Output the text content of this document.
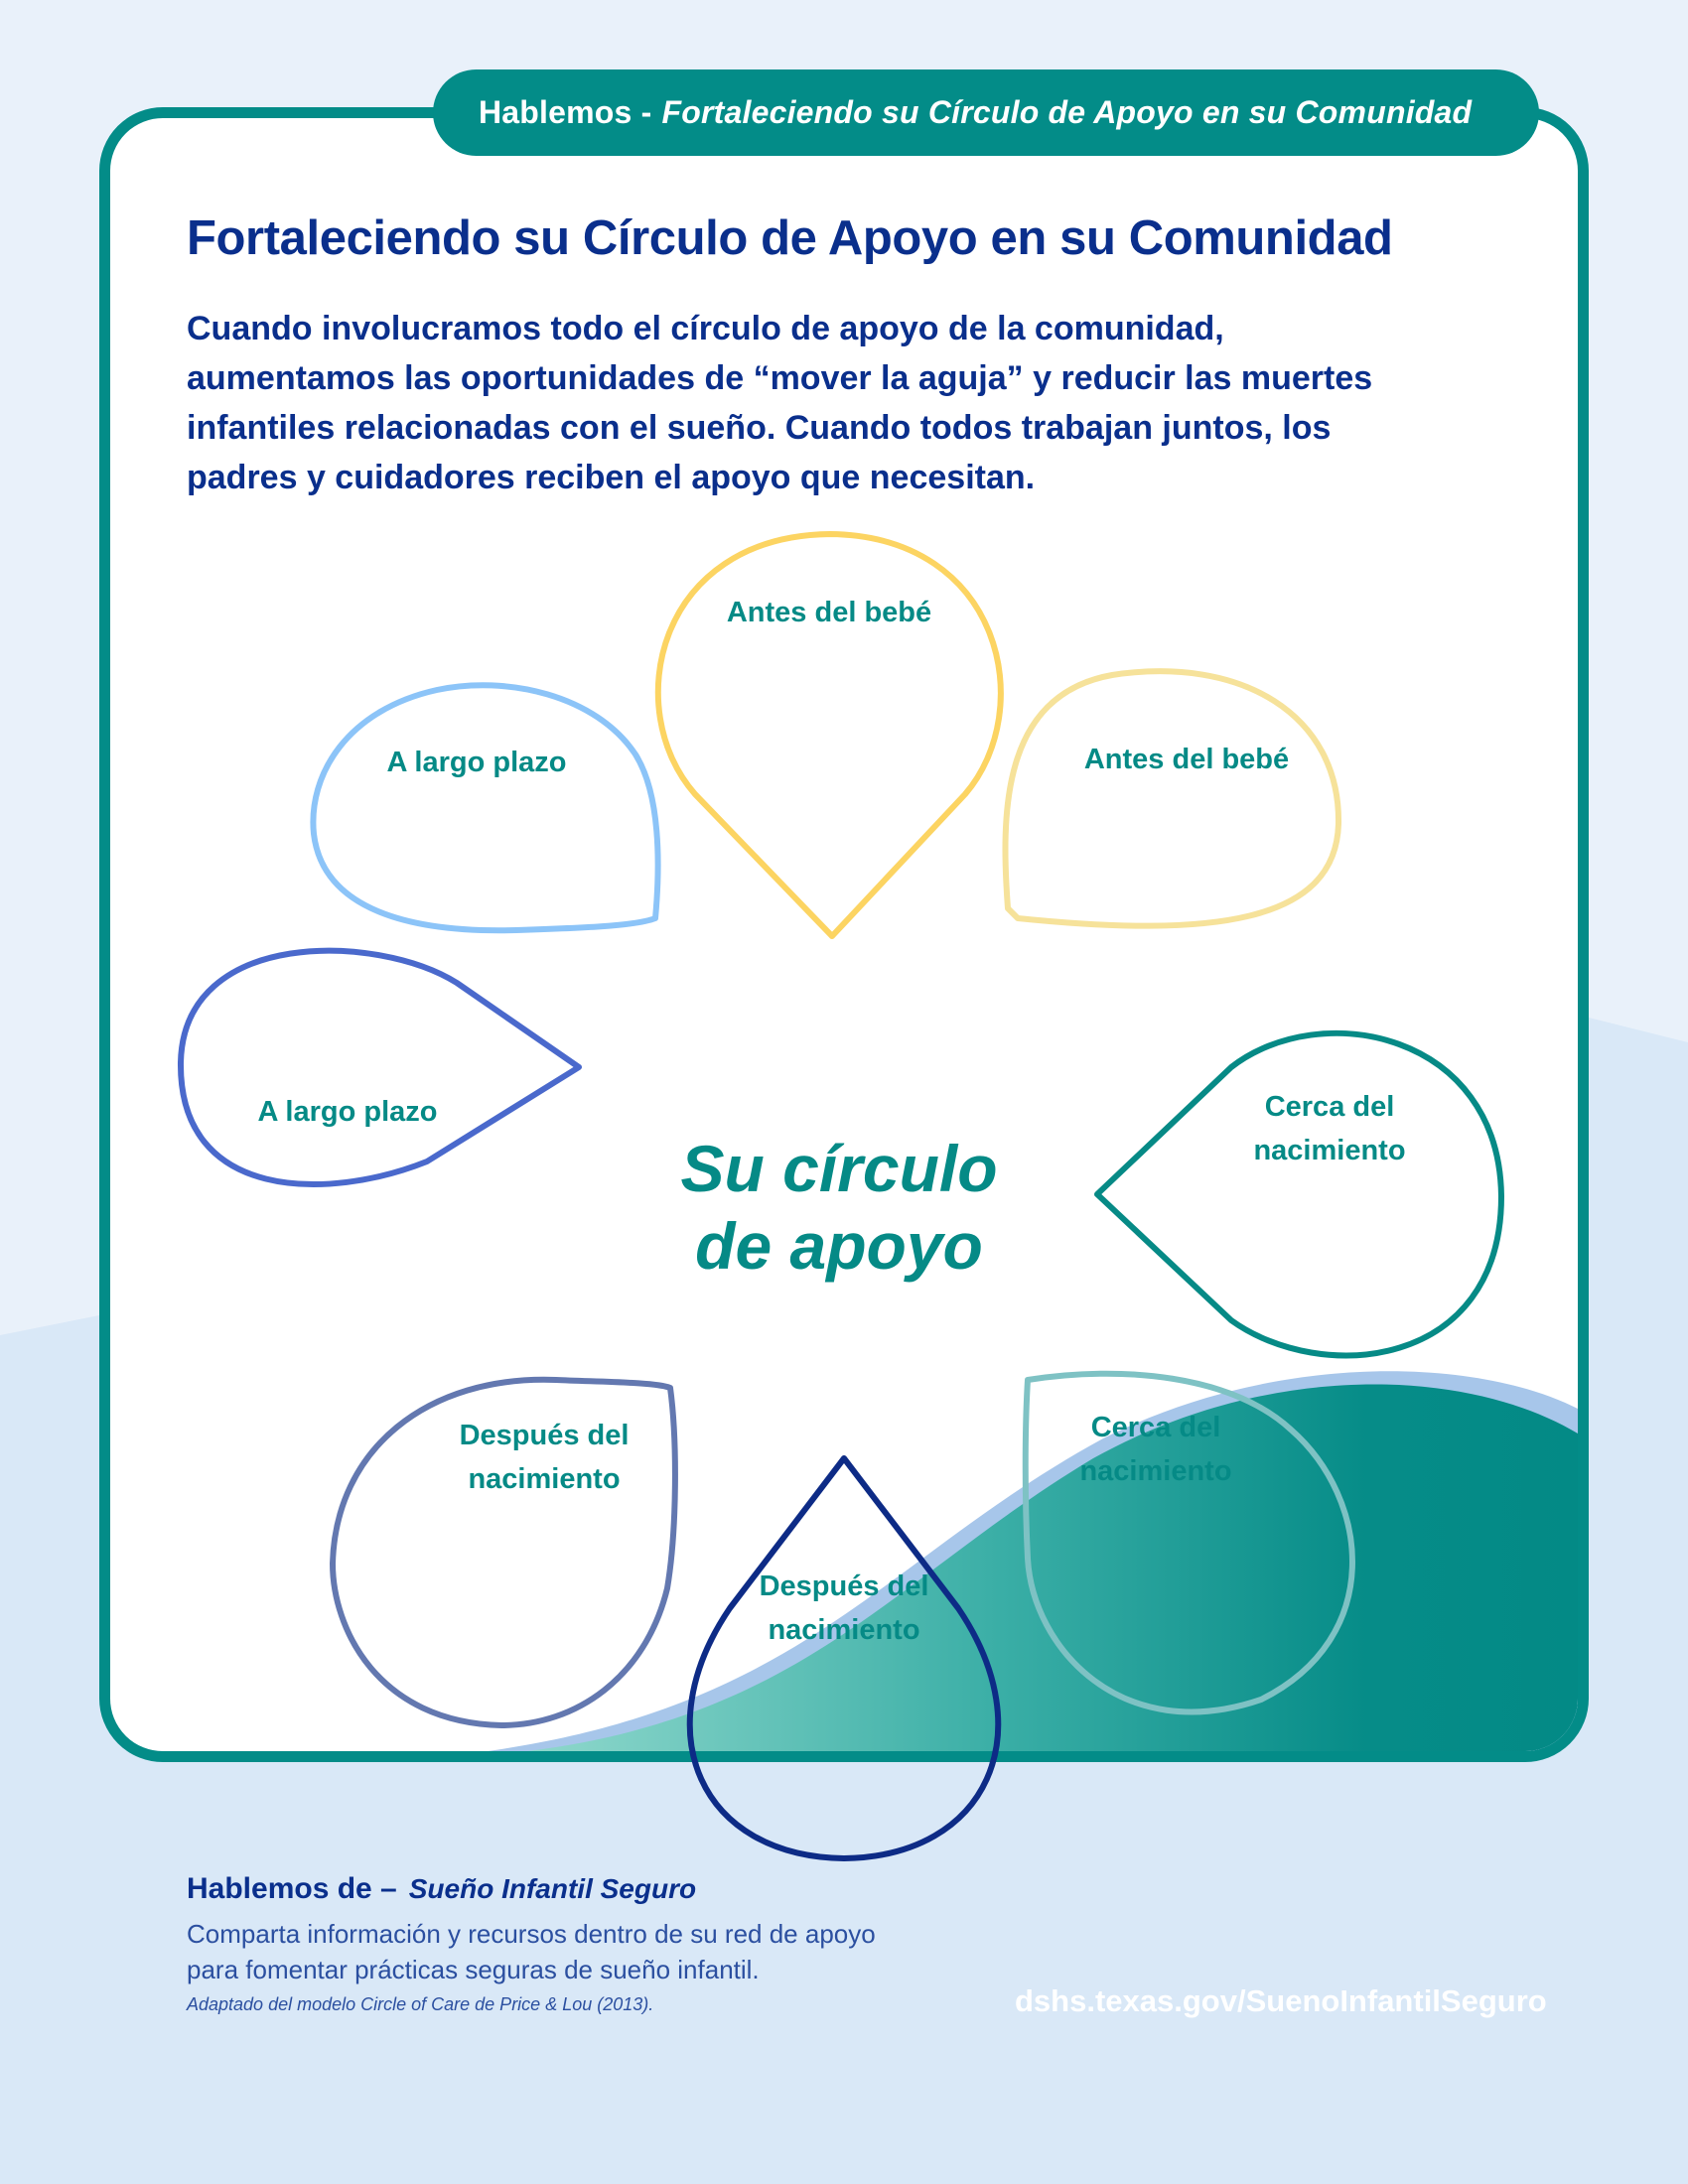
Hablemos - Fortaleciendo su Círculo de Apoyo en su Comunidad
Fortaleciendo su Círculo de Apoyo en su Comunidad
Cuando involucramos todo el círculo de apoyo de la comunidad,
aumentamos las oportunidades de “mover la aguja” y reducir las muertes
infantiles relacionadas con el sueño. Cuando todos trabajan juntos, los
padres y cuidadores reciben el apoyo que necesitan.
Antes del bebé
Antes del bebé
Cerca del
nacimiento
Cerca del
nacimiento
Después del
nacimiento
Después del
nacimiento
A largo plazo
A largo plazo
Su círculo
de apoyo
Hablemos de – Sueño Infantil Seguro
Comparta información y recursos dentro de su red de apoyo
para fomentar prácticas seguras de sueño infantil.
Adaptado del modelo Circle of Care de Price & Lou (2013).	dshs.texas.gov/SuenoInfantilSeguro
